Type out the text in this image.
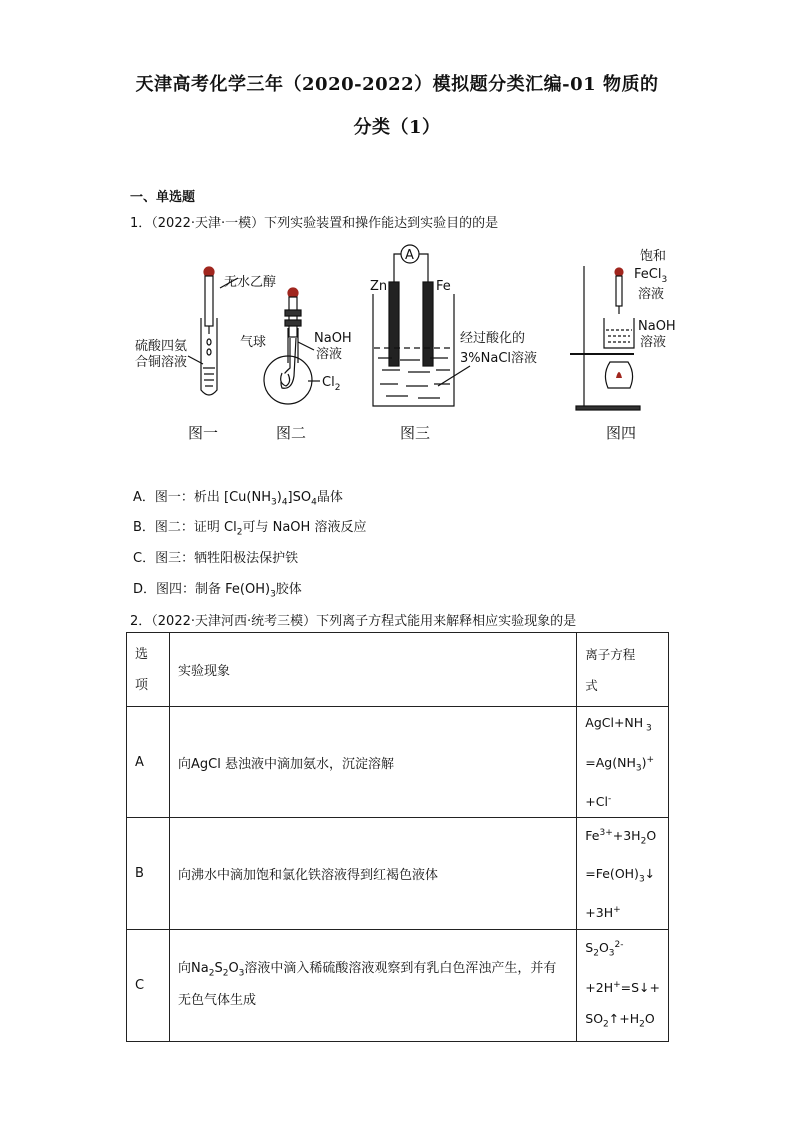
天津高考化学三年（2020-2022）模拟题分类汇编-01 物质的
分类（1）
一、单选题
1．（2022·天津·一模）下列实验装置和操作能达到实验目的的是
无水乙醇
硫酸四氨
合铜溶液
气球	NaOH
溶液
$Cl_2$
A
Zn	Fe
经过酸化的
3%NaCl溶液
饱和
FeCl$_3$
溶液
NaOH
溶液
图一	图二	图三	图四
A．图一：析出 $[Cu(NH_3)_4]SO_4$晶体
B．图二：证明 $Cl_2$可与 NaOH 溶液反应
C．图三：牺牲阳极法保护铁
D．图四：制备 $Fe(OH)_3$胶体
2．（2022·天津河西·统考三模）下列离子方程式能用来解释相应实验现象的是
选
项	实验现象	离子方程
式
A	向AgCl 悬浊液中滴加氨水，沉淀溶解	AgCl+NH $_3$
$=Ag(NH_3)^+$
+Cl-
B	向沸水中滴加饱和氯化铁溶液得到红褐色液体	$Fe^{3+}+3H_2O$
$=Fe(OH)_3↓$
+3H+
C	向$Na_2S_2O_3$溶液中滴入稀硫酸溶液观察到有乳白色浑浊产生，并有
无色气体生成	$S_2O_3^{2-}$
+2H+=S↓+
$SO_2↑+H_2O$
